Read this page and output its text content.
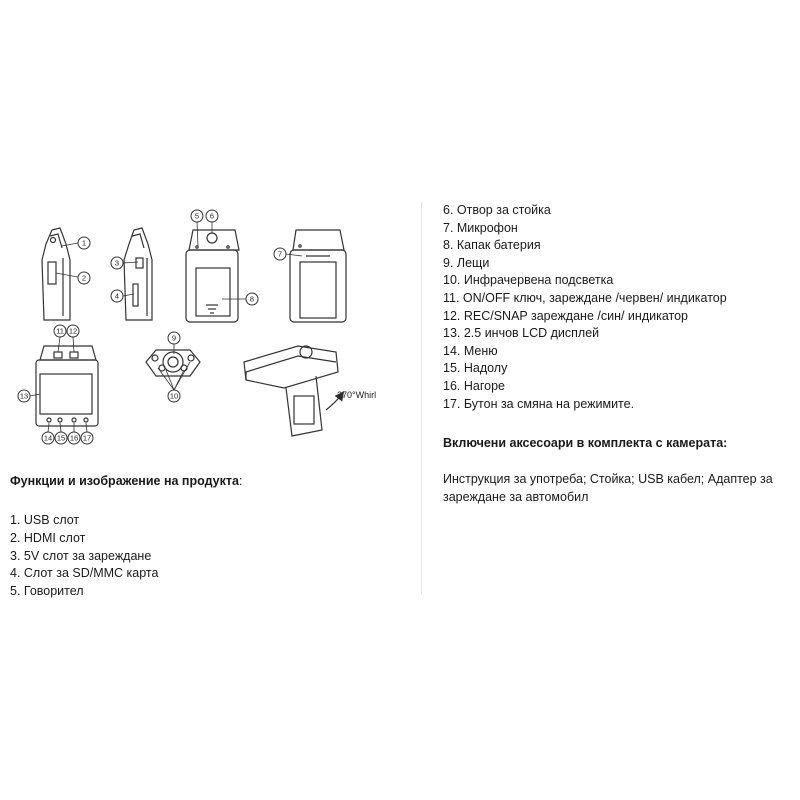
1
2
3
4
5 6
7
8
9
10
11 12
13
14 15 16 17
270°Whirl

Функции и изображение на продукта:

1. USB слот
2. HDMI слот
3. 5V слот за зареждане
4. Слот за SD/MMC карта
5. Говорител
6. Отвор за стойка
7. Микрофон
8. Капак батерия
9. Лещи
10. Инфрачервена подсветка
11. ON/OFF ключ, зареждане /червен/ индикатор
12. REC/SNAP зареждане /син/ индикатор
13. 2.5 инчов LCD дисплей
14. Меню
15. Надолу
16. Нагоре
17. Бутон за смяна на режимите.

Включени аксесоари в комплекта с камерата:

Инструкция за употреба; Стойка; USB кабел; Адаптер за зареждане за автомобил
